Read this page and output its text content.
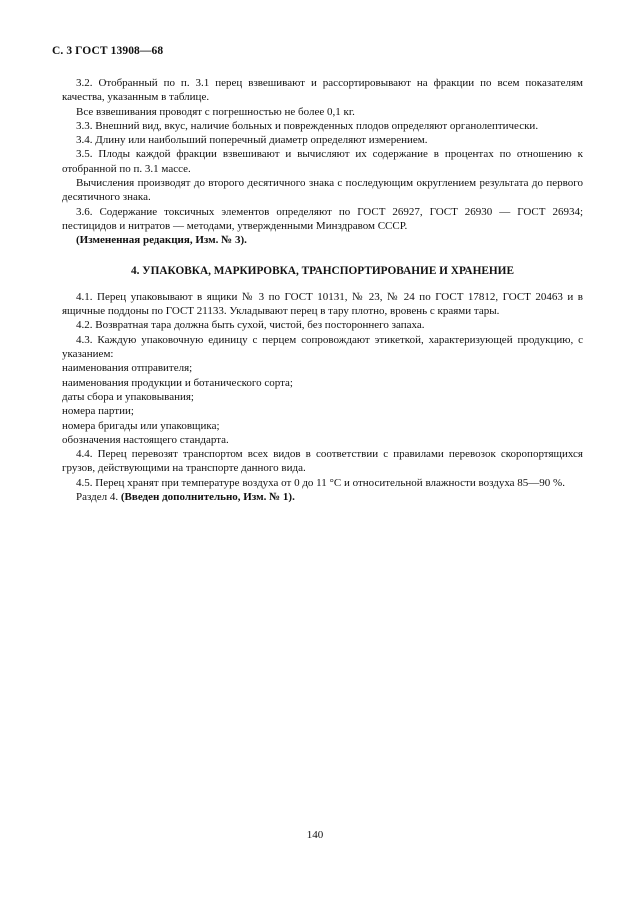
С. 3 ГОСТ 13908—68

3.2. Отобранный по п. 3.1 перец взвешивают и рассортировывают на фракции по всем показателям качества, указанным в таблице.

Все взвешивания проводят с погрешностью не более 0,1 кг.

3.3. Внешний вид, вкус, наличие больных и поврежденных плодов определяют органолептически.

3.4. Длину или наибольший поперечный диаметр определяют измерением.

3.5. Плоды каждой фракции взвешивают и вычисляют их содержание в процентах по отношению к отобранной по п. 3.1 массе.

Вычисления производят до второго десятичного знака с последующим округлением результата до первого десятичного знака.

3.6. Содержание токсичных элементов определяют по ГОСТ 26927, ГОСТ 26930 — ГОСТ 26934; пестицидов и нитратов — методами, утвержденными Минздравом СССР.

(Измененная редакция, Изм. № 3).

4. УПАКОВКА, МАРКИРОВКА, ТРАНСПОРТИРОВАНИЕ И ХРАНЕНИЕ

4.1. Перец упаковывают в ящики № 3 по ГОСТ 10131, № 23, № 24 по ГОСТ 17812, ГОСТ 20463 и в ящичные поддоны по ГОСТ 21133. Укладывают перец в тару плотно, вровень с краями тары.

4.2. Возвратная тара должна быть сухой, чистой, без постороннего запаха.

4.3. Каждую упаковочную единицу с перцем сопровождают этикеткой, характеризующей продукцию, с указанием:

наименования отправителя;

наименования продукции и ботанического сорта;

даты сбора и упаковывания;

номера партии;

номера бригады или упаковщика;

обозначения настоящего стандарта.

4.4. Перец перевозят транспортом всех видов в соответствии с правилами перевозок скоропортящихся грузов, действующими на транспорте данного вида.

4.5. Перец хранят при температуре воздуха от 0 до 11 °С и относительной влажности воздуха 85—90 %.

Раздел 4. (Введен дополнительно, Изм. № 1).

140
